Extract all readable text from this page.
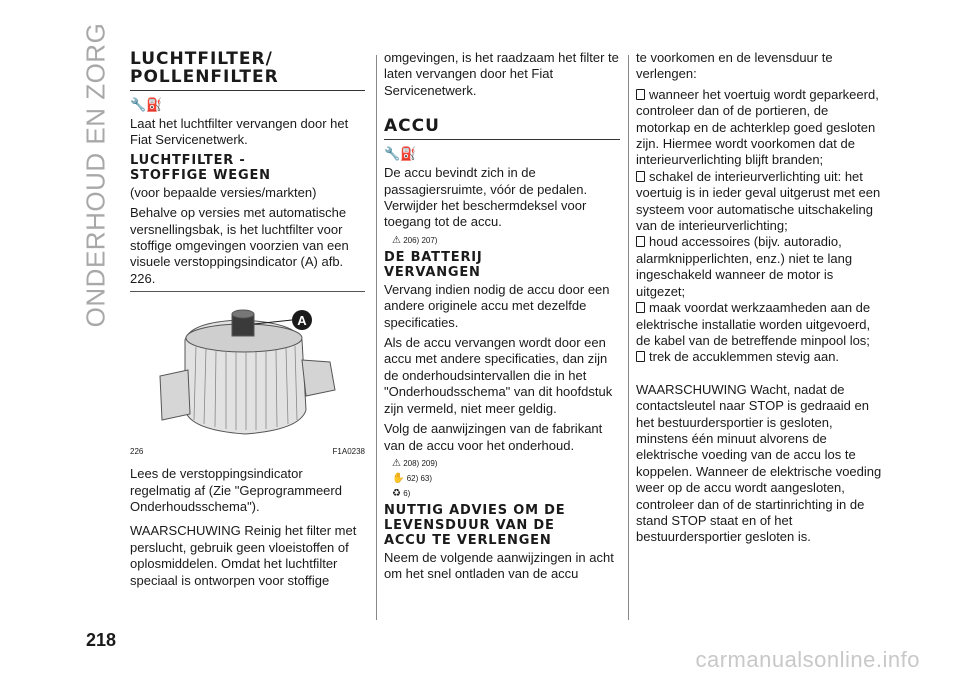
ONDERHOUD EN ZORG LUCHTFILTER/
POLLENFILTER
🔧⛽

Laat het luchtfilter vervangen door het Fiat Servicenetwerk.

LUCHTFILTER -
STOFFIGE WEGEN

(voor bepaalde versies/markten)

Behalve op versies met automatische versnellingsbak, is het luchtfilter voor stoffige omgevingen voorzien van een visuele verstoppingsindicator (A) afb. 226.

A
226	F1A0238

Lees de verstoppingsindicator regelmatig af (Zie "Geprogrammeerd Onderhoudsschema").

WAARSCHUWING Reinig het filter met perslucht, gebruik geen vloeistoffen of oplosmiddelen. Omdat het luchtfilter speciaal is ontworpen voor stoffige

omgevingen, is het raadzaam het filter te laten vervangen door het Fiat Servicenetwerk.

ACCU
🔧⛽

De accu bevindt zich in de passagiersruimte, vóór de pedalen. Verwijder het beschermdeksel voor toegang tot de accu.

⚠ 206) 207)
DE BATTERIJ
VERVANGEN

Vervang indien nodig de accu door een andere originele accu met dezelfde specificaties.

Als de accu vervangen wordt door een accu met andere specificaties, dan zijn de onderhoudsintervallen die in het "Onderhoudsschema" van dit hoofdstuk zijn vermeld, niet meer geldig.

Volg de aanwijzingen van de fabrikant van de accu voor het onderhoud.

⚠ 208) 209)
✋ 62) 63)
♻ 6)
NUTTIG ADVIES OM DE
LEVENSDUUR VAN DE
ACCU TE VERLENGEN

Neem de volgende aanwijzingen in acht om het snel ontladen van de accu

te voorkomen en de levensduur te verlengen:

wanneer het voertuig wordt geparkeerd, controleer dan of de portieren, de motorkap en de achterklep goed gesloten zijn. Hiermee wordt voorkomen dat de interieurverlichting blijft branden;
schakel de interieurverlichting uit: het voertuig is in ieder geval uitgerust met een systeem voor automatische uitschakeling van de interieurverlichting;
houd accessoires (bijv. autoradio, alarmknipperlichten, enz.) niet te lang ingeschakeld wanneer de motor is uitgezet;
maak voordat werkzaamheden aan de elektrische installatie worden uitgevoerd, de kabel van de betreffende minpool los;
trek de accuklemmen stevig aan.

WAARSCHUWING Wacht, nadat de contactsleutel naar STOP is gedraaid en het bestuurdersportier is gesloten, minstens één minuut alvorens de elektrische voeding van de accu los te koppelen. Wanneer de elektrische voeding weer op de accu wordt aangesloten, controleer dan of de startinrichting in de stand STOP staat en of het bestuurdersportier gesloten is.

218
carmanualsonline.info
